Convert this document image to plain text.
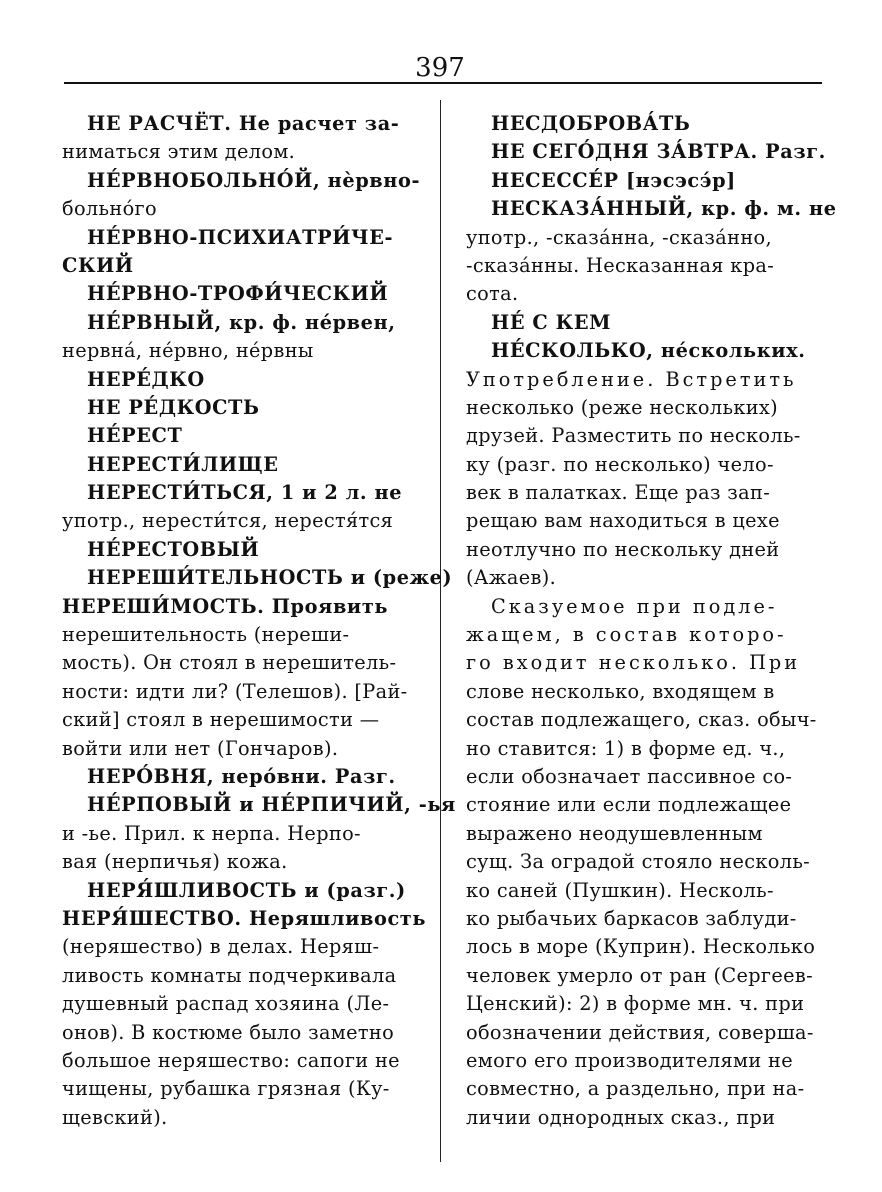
397
НЕ РАСЧЁТ. Не расчет за-
ниматься этим делом.
НЕ́РВНОБОЛЬНО́Й, нѐрвно-
больно́го
НЕ́РВНО-ПСИХИАТРИ́ЧЕ-
СКИЙ
НЕ́РВНО-ТРОФИ́ЧЕСКИЙ
НЕ́РВНЫЙ, кр. ф. не́рвен,
нервна́, не́рвно, не́рвны
НЕРЕ́ДКО
НЕ РЕ́ДКОСТЬ
НЕ́РЕСТ
НЕРЕСТИ́ЛИЩЕ
НЕРЕСТИ́ТЬСЯ, 1 и 2 л. не
употр., нерести́тся, нерестя́тся
НЕ́РЕСТОВЫЙ
НЕРЕШИ́ТЕЛЬНОСТЬ и (реже)
НЕРЕШИ́МОСТЬ. Проявить
нерешительность (нереши-
мость). Он стоял в нерешитель-
ности: идти ли? (Телешов). [Рай-
ский] стоял в нерешимости —
войти или нет (Гончаров).
НЕРО́ВНЯ, неро́вни. Разг.
НЕ́РПОВЫЙ и НЕ́РПИЧИЙ, -ья
и -ье. Прил. к нерпа. Нерпо-
вая (нерпичья) кожа.
НЕРЯ́ШЛИВОСТЬ и (разг.)
НЕРЯ́ШЕСТВО. Неряшливость
(неряшество) в делах. Неряш-
ливость комнаты подчеркивала
душевный распад хозяина (Ле-
онов). В костюме было заметно
большое неряшество: сапоги не
чищены, рубашка грязная (Ку-
щевский).
НЕСДОБРОВА́ТЬ
НЕ СЕГО́ДНЯ ЗА́ВТРА. Разг.
НЕСЕССЕ́Р [нэсэсэ́р]
НЕСКАЗА́ННЫЙ, кр. ф. м. не
употр., -сказа́нна, -сказа́нно,
-сказа́нны. Несказанная кра-
сота.
НЕ́ С КЕМ
НЕ́СКОЛЬКО, не́скольких.
Употребление. Встретить
несколько (реже нескольких)
друзей. Разместить по несколь-
ку (разг. по несколько) чело-
век в палатках. Еще раз зап-
рещаю вам находиться в цехе
неотлучно по нескольку дней
(Ажаев).
Сказуемое при подле-
жащем, в состав которо-
го входит несколько. При
слове несколько, входящем в
состав подлежащего, сказ. обыч-
но ставится: 1) в форме ед. ч.,
если обозначает пассивное со-
стояние или если подлежащее
выражено неодушевленным
сущ. За оградой стояло несколь-
ко саней (Пушкин). Несколь-
ко рыбачьих баркасов заблуди-
лось в море (Куприн). Несколько
человек умерло от ран (Сергеев-
Ценский): 2) в форме мн. ч. при
обозначении действия, соверша-
емого его производителями не
совместно, а раздельно, при на-
личии однородных сказ., при
